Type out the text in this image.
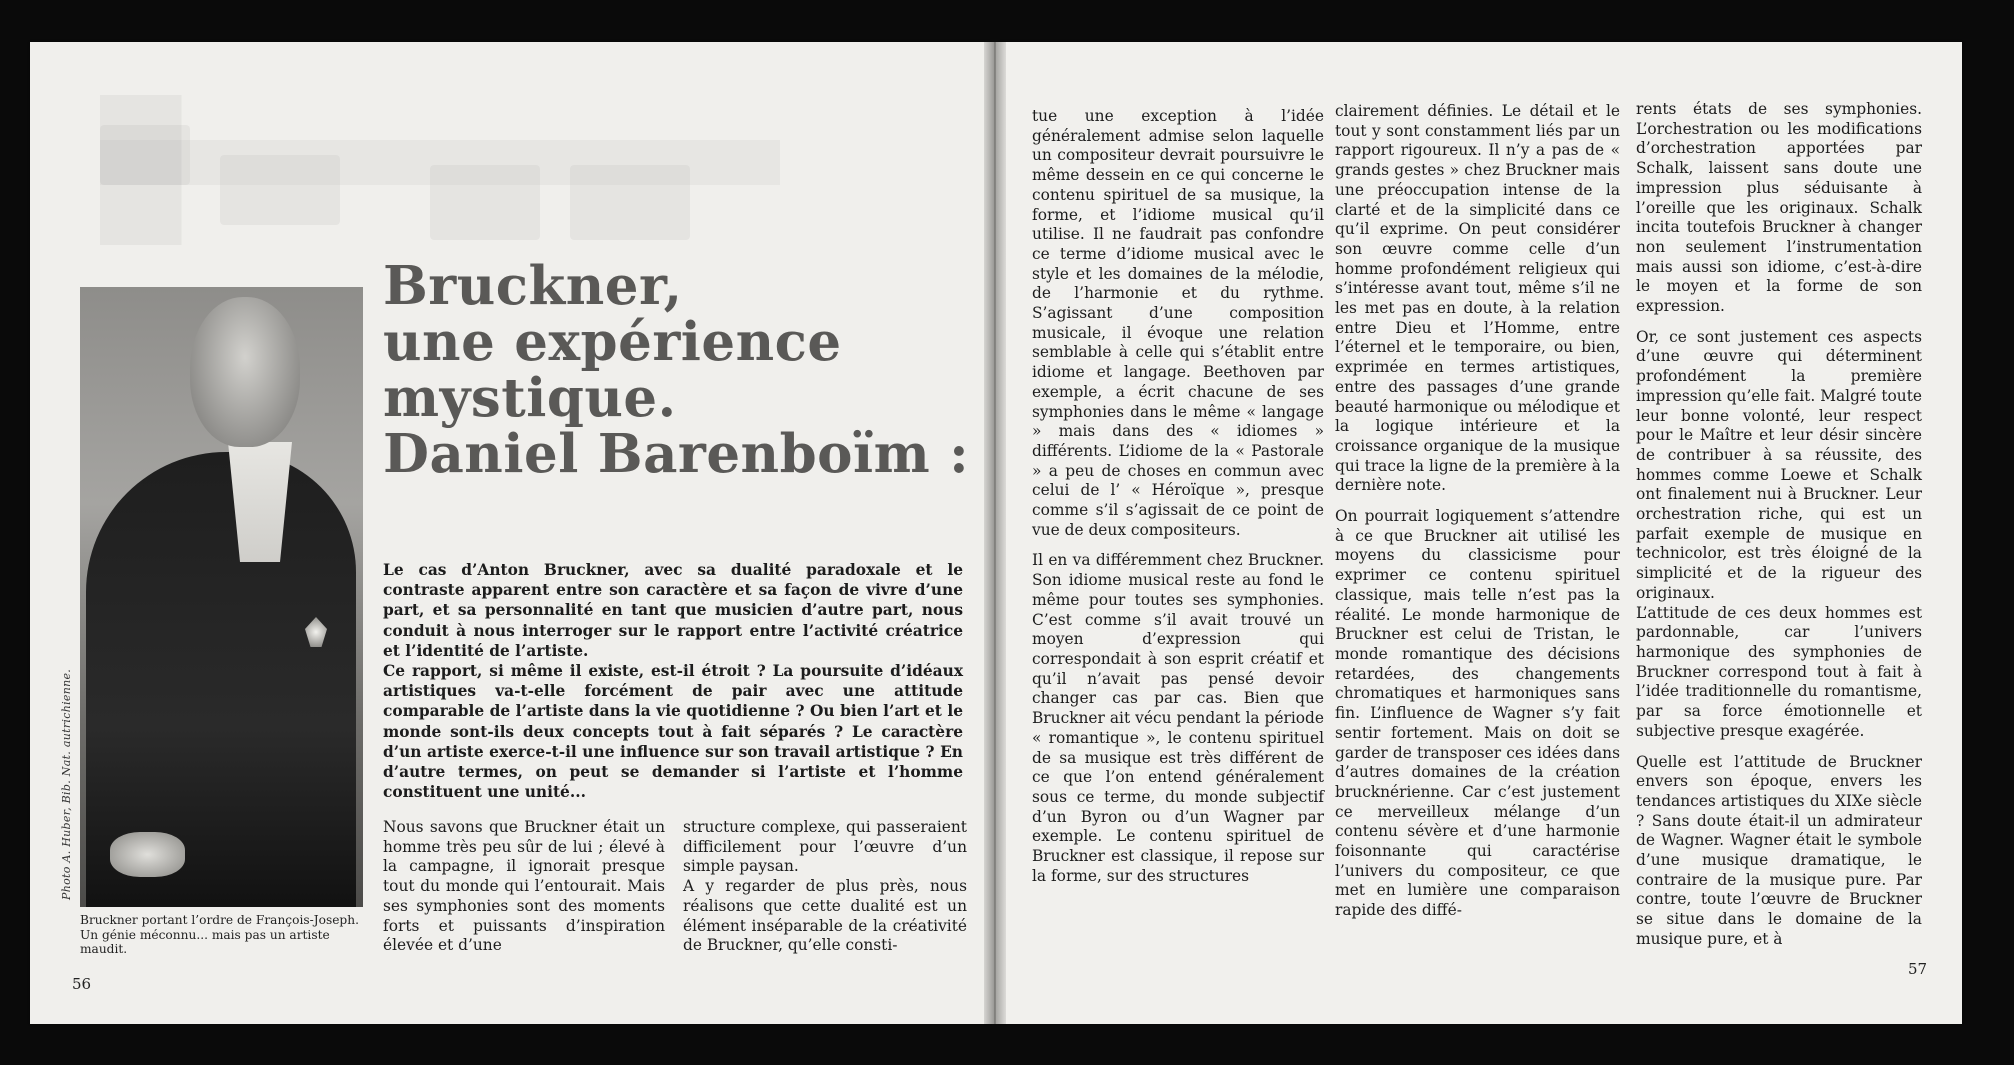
Photo A. Huber, Bib. Nat. autrichienne.
Bruckner portant l’ordre de François-Joseph. Un génie méconnu... mais pas un artiste maudit.
Bruckner,
une expérience
mystique.
Daniel Barenboïm :

Le cas d’Anton Bruckner, avec sa dualité paradoxale et le contraste apparent entre son caractère et sa façon de vivre d’une part, et sa personnalité en tant que musicien d’autre part, nous conduit à nous interroger sur le rapport entre l’activité créatrice et l’identité de l’artiste.

Ce rapport, si même il existe, est-il étroit ? La poursuite d’idéaux artistiques va-t-elle forcément de pair avec une attitude comparable de l’artiste dans la vie quotidienne ? Ou bien l’art et le monde sont-ils deux concepts tout à fait séparés ? Le caractère d’un artiste exerce-t-il une influence sur son travail artistique ? En d’autre termes, on peut se demander si l’artiste et l’homme constituent une unité...

Nous savons que Bruckner était un homme très peu sûr de lui ; élevé à la campagne, il ignorait presque tout du monde qui l’entourait. Mais ses symphonies sont des moments forts et puissants d’inspiration élevée et d’une

structure complexe, qui passeraient difficilement pour l’œuvre d’un simple paysan.

A y regarder de plus près, nous réalisons que cette dualité est un élément inséparable de la créativité de Bruckner, qu’elle consti-

56

tue une exception à l’idée généralement admise selon laquelle un compositeur devrait poursuivre le même dessein en ce qui concerne le contenu spirituel de sa musique, la forme, et l’idiome musical qu’il utilise. Il ne faudrait pas confondre ce terme d’idiome musical avec le style et les domaines de la mélodie, de l’harmonie et du rythme. S’agissant d’une composition musicale, il évoque une relation semblable à celle qui s’établit entre idiome et langage. Beethoven par exemple, a écrit chacune de ses symphonies dans le même « langage » mais dans des « idiomes » différents. L’idiome de la « Pastorale » a peu de choses en commun avec celui de l’ « Héroïque », presque comme s’il s’agissait de ce point de vue de deux compositeurs.

Il en va différemment chez Bruckner. Son idiome musical reste au fond le même pour toutes ses symphonies. C’est comme s’il avait trouvé un moyen d’expression qui correspondait à son esprit créatif et qu’il n’avait pas pensé devoir changer cas par cas. Bien que Bruckner ait vécu pendant la période « romantique », le contenu spirituel de sa musique est très différent de ce que l’on entend généralement sous ce terme, du monde subjectif d’un Byron ou d’un Wagner par exemple. Le contenu spirituel de Bruckner est classique, il repose sur la forme, sur des structures

clairement définies. Le détail et le tout y sont constamment liés par un rapport rigoureux. Il n’y a pas de « grands gestes » chez Bruckner mais une préoccupation intense de la clarté et de la simplicité dans ce qu’il exprime. On peut considérer son œuvre comme celle d’un homme profondément religieux qui s’intéresse avant tout, même s’il ne les met pas en doute, à la relation entre Dieu et l’Homme, entre l’éternel et le temporaire, ou bien, exprimée en termes artistiques, entre des passages d’une grande beauté harmonique ou mélodique et la logique intérieure et la croissance organique de la musique qui trace la ligne de la première à la dernière note.

On pourrait logiquement s’attendre à ce que Bruckner ait utilisé les moyens du classicisme pour exprimer ce contenu spirituel classique, mais telle n’est pas la réalité. Le monde harmonique de Bruckner est celui de Tristan, le monde romantique des décisions retardées, des changements chromatiques et harmoniques sans fin. L’influence de Wagner s’y fait sentir fortement. Mais on doit se garder de transposer ces idées dans d’autres domaines de la création brucknérienne. Car c’est justement ce merveilleux mélange d’un contenu sévère et d’une harmonie foisonnante qui caractérise l’univers du compositeur, ce que met en lumière une comparaison rapide des diffé-

rents états de ses symphonies. L’orchestration ou les modifications d’orchestration apportées par Schalk, laissent sans doute une impression plus séduisante à l’oreille que les originaux. Schalk incita toutefois Bruckner à changer non seulement l’instrumentation mais aussi son idiome, c’est-à-dire le moyen et la forme de son expression.

Or, ce sont justement ces aspects d’une œuvre qui déterminent profondément la première impression qu’elle fait. Malgré toute leur bonne volonté, leur respect pour le Maître et leur désir sincère de contribuer à sa réussite, des hommes comme Loewe et Schalk ont finalement nui à Bruckner. Leur orchestration riche, qui est un parfait exemple de musique en technicolor, est très éloigné de la simplicité et de la rigueur des originaux.

L’attitude de ces deux hommes est pardonnable, car l’univers harmonique des symphonies de Bruckner correspond tout à fait à l’idée traditionnelle du romantisme, par sa force émotionnelle et subjective presque exagérée.

Quelle est l’attitude de Bruckner envers son époque, envers les tendances artistiques du XIXe siècle ? Sans doute était-il un admirateur de Wagner. Wagner était le symbole d’une musique dramatique, le contraire de la musique pure. Par contre, toute l’œuvre de Bruckner se situe dans le domaine de la musique pure, et à

57
